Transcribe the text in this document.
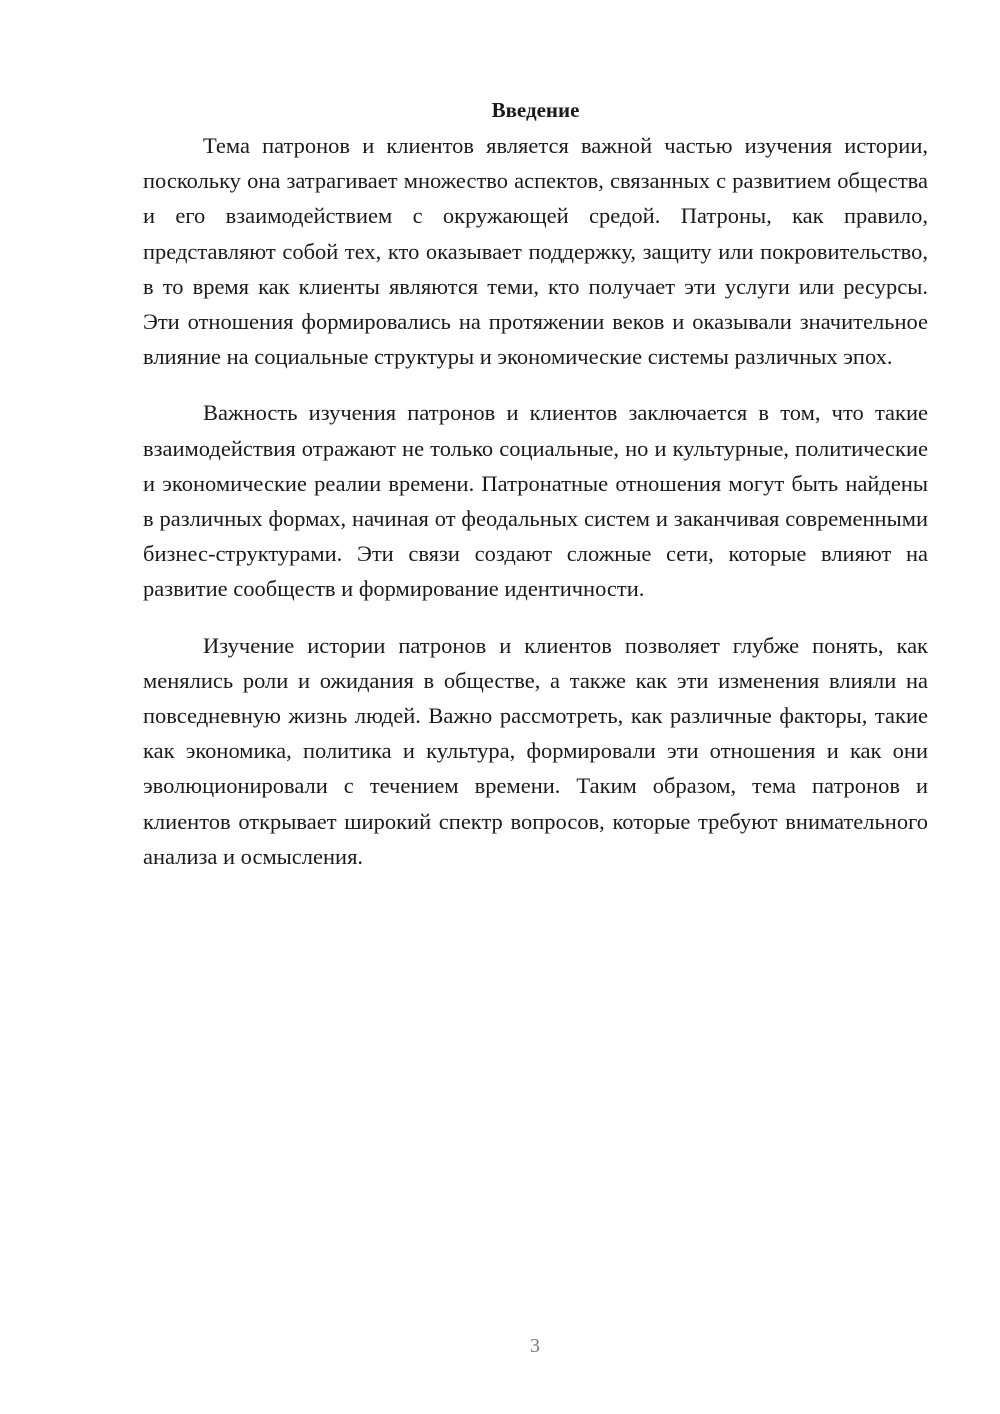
Введение

Тема патронов и клиентов является важной частью изучения истории, поскольку она затрагивает множество аспектов, связанных с развитием общества и его взаимодействием с окружающей средой. Патроны, как правило, представляют собой тех, кто оказывает поддержку, защиту или покровительство, в то время как клиенты являются теми, кто получает эти услуги или ресурсы. Эти отношения формировались на протяжении веков и оказывали значительное влияние на социальные структуры и экономические системы различных эпох.

Важность изучения патронов и клиентов заключается в том, что такие взаимодействия отражают не только социальные, но и культурные, политические и экономические реалии времени. Патронатные отношения могут быть найдены в различных формах, начиная от феодальных систем и заканчивая современными бизнес-структурами. Эти связи создают сложные сети, которые влияют на развитие сообществ и формирование идентичности.

Изучение истории патронов и клиентов позволяет глубже понять, как менялись роли и ожидания в обществе, а также как эти изменения влияли на повседневную жизнь людей. Важно рассмотреть, как различные факторы, такие как экономика, политика и культура, формировали эти отношения и как они эволюционировали с течением времени. Таким образом, тема патронов и клиентов открывает широкий спектр вопросов, которые требуют внимательного анализа и осмысления.

3
